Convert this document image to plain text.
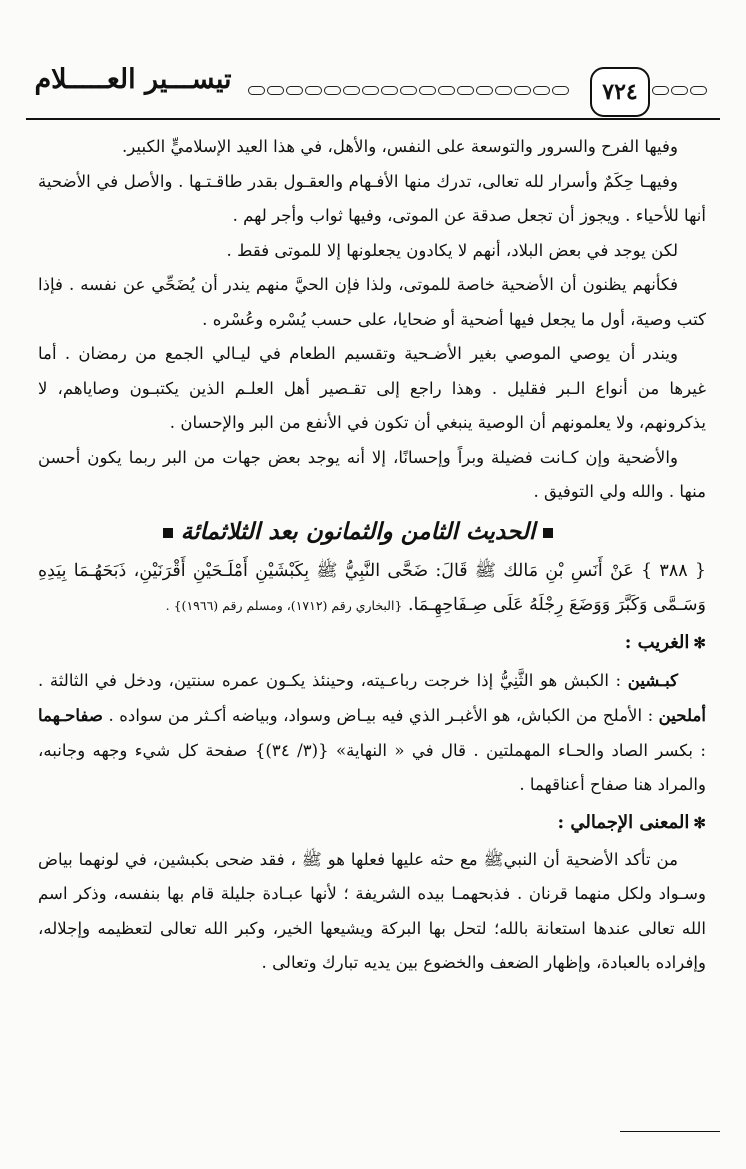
تيســـير العـــــلام	٧٢٤

وفيها الفرح والسرور والتوسعة على النفس، والأهل، في هذا العيد الإسلاميٍّ الكبير.

وفيهـا حِكَمٌ وأسرار لله تعالى، تدرك منها الأفـهام والعقـول بقدر طاقـتـها . والأصل في الأضحية أنها للأحياء . ويجوز أن تجعل صدقة عن الموتى، وفيها ثواب وأجر لهم .

لكن يوجد في بعض البلاد، أنهم لا يكادون يجعلونها إلا للموتى فقط .

فكأنهم يظنون أن الأضحية خاصة للموتى، ولذا فإن الحيَّ منهم يندر أن يُضَحِّي عن نفسه . فإذا كتب وصية، أول ما يجعل فيها أضحية أو ضحايا، على حسب يُسْره وعُسْره .

ويندر أن يوصي الموصي بغير الأضـحية وتقسيم الطعام في ليـالي الجمع من رمضان . أما غيرها من أنواع الـبر فقليل . وهذا راجع إلى تقـصير أهل العلـم الذين يكتبـون وصاياهم، لا يذكرونهم، ولا يعلمونهم أن الوصية ينبغي أن تكون في الأنفع من البر والإحسان .

والأضحية وإن كـانت فضيلة وبراً وإحسانًا، إلا أنه يوجد بعض جهات من البر ربما يكون أحسن منها . والله ولي التوفيق .

الحديث الثامن والثمانون بعد الثلاثمائة

{ ٣٨٨ } عَنْ أَنَسِ بْنِ مَالك ﷺ قَالَ: ضَحَّى النَّبِيُّ ﷺ بِكَبْشَيْنِ أَمْلَـحَيْنِ أَقْرَنَيْنِ، ذَبَحَهُـمَا بِيَدِهِ وَسَـمَّى وَكَبَّرَ وَوَضَعَ رِجْلَهُ عَلَى صِـفَاحِهِـمَا. {البخاري رقم (١٧١٢)، ومسلم رقم (١٩٦٦)} .

✻الغريب :

كبـشين : الكبش هو الثَّنِيُّ إذا خرجت رباعـيته، وحينئذ يكـون عمره سنتين، ودخل في الثالثة . أملحين : الأملح من الكباش، هو الأغبـر الذي فيه بيـاض وسواد، وبياضه أكـثر من سواده . صفاحـهما : بكسر الصاد والحـاء المهملتين . قال في « النهاية» {(٣/ ٣٤)} صفحة كل شيء وجهه وجانبه، والمراد هنا صفاح أعناقهما .

✻المعنى الإجمالي :

من تأكد الأضحية أن النبيﷺ مع حثه عليها فعلها هو ﷺ ، فقد ضحى بكبشين، في لونهما بياض وسـواد ولكل منهما قرنان . فذبحهمـا بيده الشريفة ؛ لأنها عبـادة جليلة قام بها بنفسه، وذكر اسم الله تعالى عندها استعانة بالله؛ لتحل بها البركة ويشيعها الخير، وكبر الله تعالى لتعظيمه وإجلاله، وإفراده بالعبادة، وإظهار الضعف والخضوع بين يديه تبارك وتعالى .
